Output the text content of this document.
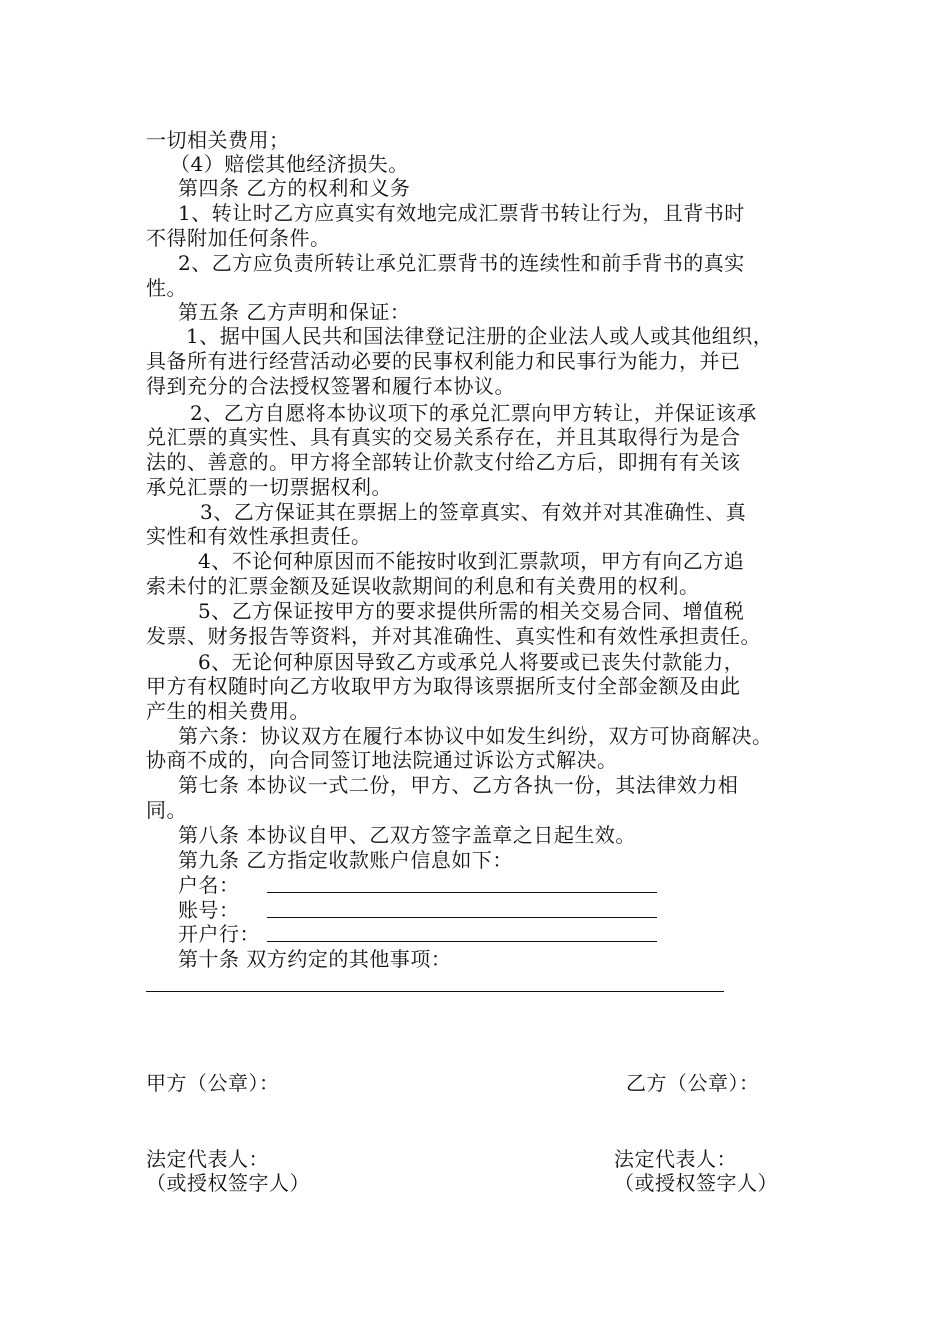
一切相关费用；
（4）赔偿其他经济损失。
第四条 乙方的权利和义务
1、转让时乙方应真实有效地完成汇票背书转让行为，且背书时
不得附加任何条件。
2、乙方应负责所转让承兑汇票背书的连续性和前手背书的真实
性。
第五条 乙方声明和保证：
1、据中国人民共和国法律登记注册的企业法人或人或其他组织，
具备所有进行经营活动必要的民事权利能力和民事行为能力，并已
得到充分的合法授权签署和履行本协议。
2、乙方自愿将本协议项下的承兑汇票向甲方转让，并保证该承
兑汇票的真实性、具有真实的交易关系存在，并且其取得行为是合
法的、善意的。甲方将全部转让价款支付给乙方后，即拥有有关该
承兑汇票的一切票据权利。
3、乙方保证其在票据上的签章真实、有效并对其准确性、真
实性和有效性承担责任。
4、不论何种原因而不能按时收到汇票款项，甲方有向乙方追
索未付的汇票金额及延误收款期间的利息和有关费用的权利。
5、乙方保证按甲方的要求提供所需的相关交易合同、增值税
发票、财务报告等资料，并对其准确性、真实性和有效性承担责任。
6、无论何种原因导致乙方或承兑人将要或已丧失付款能力，
甲方有权随时向乙方收取甲方为取得该票据所支付全部金额及由此
产生的相关费用。
第六条：协议双方在履行本协议中如发生纠纷，双方可协商解决。
协商不成的，向合同签订地法院通过诉讼方式解决。
第七条 本协议一式二份，甲方、乙方各执一份，其法律效力相
同。
第八条 本协议自甲、乙双方签字盖章之日起生效。
第九条 乙方指定收款账户信息如下：
户名：
账号：
开户行：
第十条 双方约定的其他事项：
甲方（公章）：	乙方（公章）：
法定代表人：
（或授权签字人）
法定代表人：
（或授权签字人）
